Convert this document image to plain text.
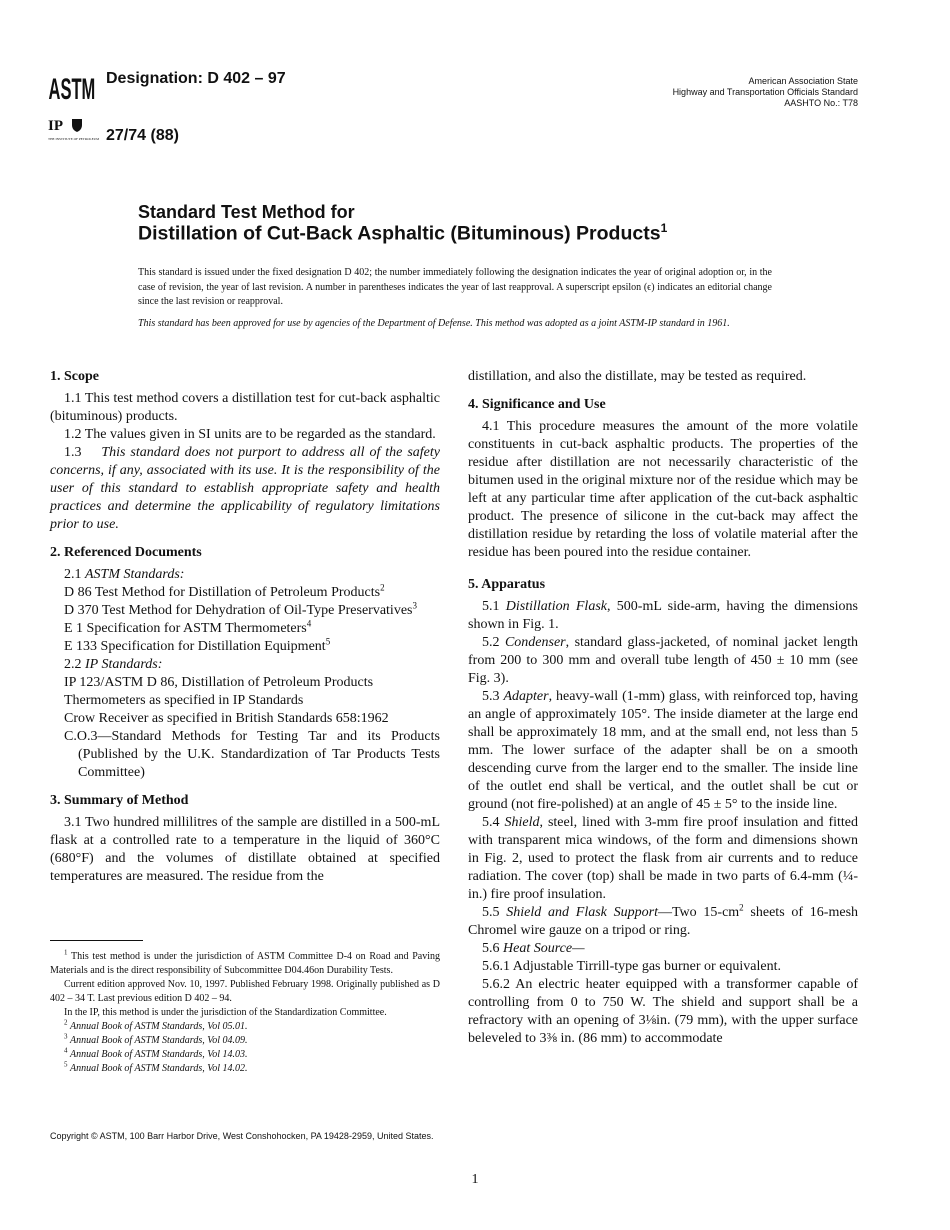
ASTM
IP
THE INSTITUTE OF PETROLEUM
Designation: D 402 – 97
27/74 (88)
American Association State
Highway and Transportation Officials Standard
AASHTO No.: T78
Standard Test Method for
Distillation of Cut-Back Asphaltic (Bituminous) Products$^1$

This standard is issued under the fixed designation D 402; the number immediately following the designation indicates the year of original adoption or, in the case of revision, the year of last revision. A number in parentheses indicates the year of last reapproval. A superscript epsilon (ϵ) indicates an editorial change since the last revision or reapproval.

This standard has been approved for use by agencies of the Department of Defense. This method was adopted as a joint ASTM-IP standard in 1961.

1. Scope

1.1 This test method covers a distillation test for cut-back asphaltic (bituminous) products.

1.2 The values given in SI units are to be regarded as the standard.

1.3 This standard does not purport to address all of the safety concerns, if any, associated with its use. It is the responsibility of the user of this standard to establish appropriate safety and health practices and determine the applicability of regulatory limitations prior to use.

2. Referenced Documents

2.1 ASTM Standards:

D 86 Test Method for Distillation of Petroleum Products$^2$

D 370 Test Method for Dehydration of Oil-Type Preservatives$^3$

E 1 Specification for ASTM Thermometers$^4$

E 133 Specification for Distillation Equipment$^5$

2.2 IP Standards:

IP 123/ASTM D 86, Distillation of Petroleum Products

Thermometers as specified in IP Standards

Crow Receiver as specified in British Standards 658:1962

C.O.3—Standard Methods for Testing Tar and its Products (Published by the U.K. Standardization of Tar Products Tests Committee)

3. Summary of Method

3.1 Two hundred millilitres of the sample are distilled in a 500-mL flask at a controlled rate to a temperature in the liquid of 360°C (680°F) and the volumes of distillate obtained at specified temperatures are measured. The residue from the

$^1$ This test method is under the jurisdiction of ASTM Committee D-4 on Road and Paving Materials and is the direct responsibility of Subcommittee D04.46on Durability Tests.

Current edition approved Nov. 10, 1997. Published February 1998. Originally published as D 402 – 34 T. Last previous edition D 402 – 94.

In the IP, this method is under the jurisdiction of the Standardization Committee.

$^2$ Annual Book of ASTM Standards, Vol 05.01.

$^3$ Annual Book of ASTM Standards, Vol 04.09.

$^4$ Annual Book of ASTM Standards, Vol 14.03.

$^5$ Annual Book of ASTM Standards, Vol 14.02.

distillation, and also the distillate, may be tested as required.

4. Significance and Use

4.1 This procedure measures the amount of the more volatile constituents in cut-back asphaltic products. The properties of the residue after distillation are not necessarily characteristic of the bitumen used in the original mixture nor of the residue which may be left at any particular time after application of the cut-back asphaltic product. The presence of silicone in the cut-back may affect the distillation residue by retarding the loss of volatile material after the residue has been poured into the residue container.

5. Apparatus

5.1 Distillation Flask, 500-mL side-arm, having the dimensions shown in Fig. 1.

5.2 Condenser, standard glass-jacketed, of nominal jacket length from 200 to 300 mm and overall tube length of 450 ± 10 mm (see Fig. 3).

5.3 Adapter, heavy-wall (1-mm) glass, with reinforced top, having an angle of approximately 105°. The inside diameter at the large end shall be approximately 18 mm, and at the small end, not less than 5 mm. The lower surface of the adapter shall be on a smooth descending curve from the larger end to the smaller. The inside line of the outlet end shall be vertical, and the outlet shall be cut or ground (not fire-polished) at an angle of 45 ± 5° to the inside line.

5.4 Shield, steel, lined with 3-mm fire proof insulation and fitted with transparent mica windows, of the form and dimensions shown in Fig. 2, used to protect the flask from air currents and to reduce radiation. The cover (top) shall be made in two parts of 6.4-mm (¼-in.) fire proof insulation.

5.5 Shield and Flask Support—Two $15-cm^2$ sheets of 16-mesh Chromel wire gauze on a tripod or ring.

5.6 Heat Source—

5.6.1 Adjustable Tirrill-type gas burner or equivalent.

5.6.2 An electric heater equipped with a transformer capable of controlling from 0 to 750 W. The shield and support shall be a refractory with an opening of 3⅛in. (79 mm), with the upper surface beleveled to 3⅜ in. (86 mm) to accommodate

Copyright © ASTM, 100 Barr Harbor Drive, West Conshohocken, PA 19428-2959, United States.
1
